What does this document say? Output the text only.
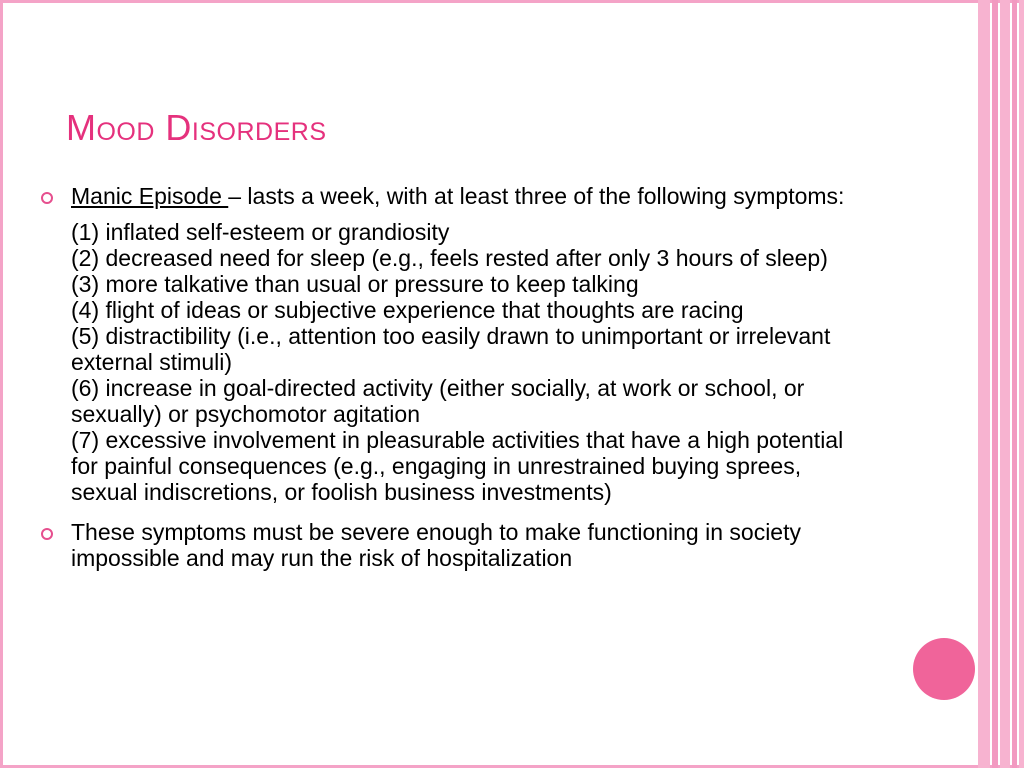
Mood Disorders
Manic Episode – lasts a week, with at least three of the following symptoms:
(1) inflated self-esteem or grandiosity
(2) decreased need for sleep (e.g., feels rested after only 3 hours of sleep)
(3) more talkative than usual or pressure to keep talking
(4) flight of ideas or subjective experience that thoughts are racing
(5) distractibility (i.e., attention too easily drawn to unimportant or irrelevant external stimuli)
(6) increase in goal-directed activity (either socially, at work or school, or sexually) or psychomotor agitation
(7) excessive involvement in pleasurable activities that have a high potential for painful consequences (e.g., engaging in unrestrained buying sprees, sexual indiscretions, or foolish business investments)
These symptoms must be severe enough to make functioning in society impossible and may run the risk of hospitalization
